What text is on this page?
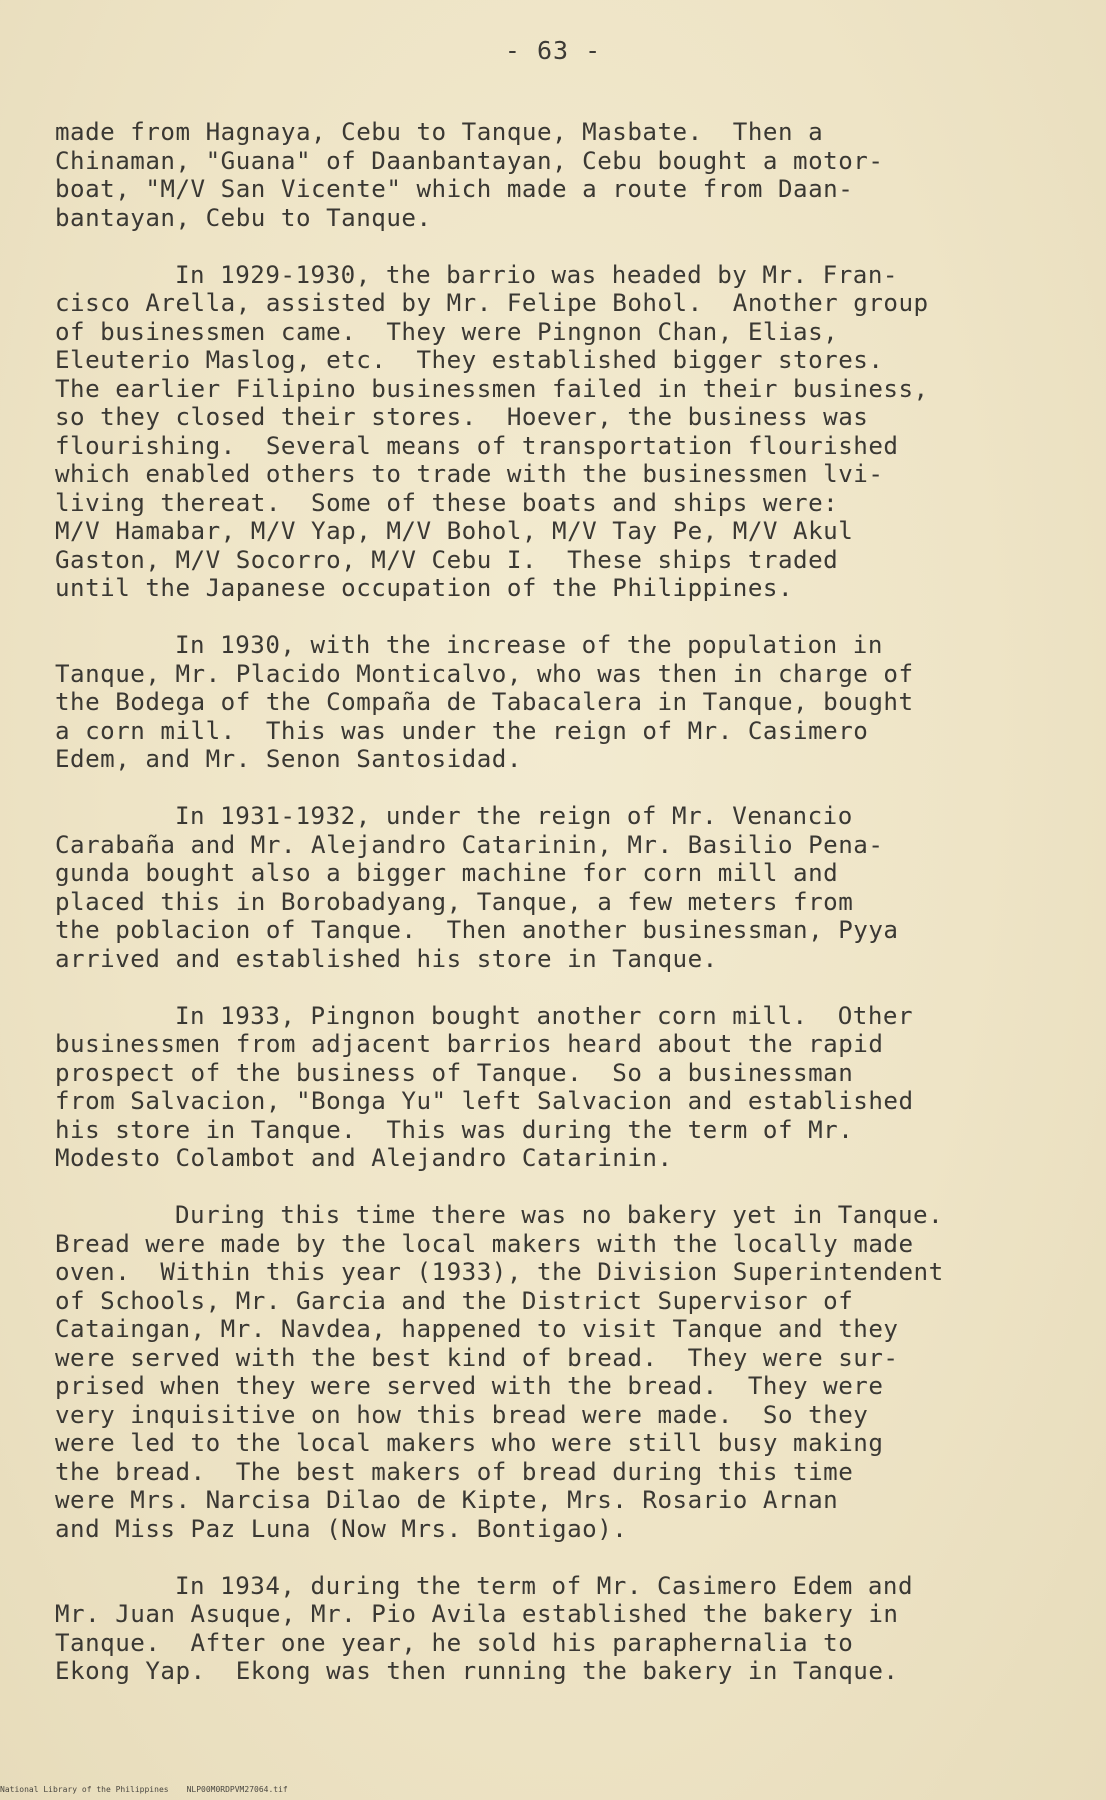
- 63 -
made from Hagnaya, Cebu to Tanque, Masbate.  Then a
Chinaman, "Guana" of Daanbantayan, Cebu bought a motor-
boat, "M/V San Vicente" which made a route from Daan-
bantayan, Cebu to Tanque.
In 1929-1930, the barrio was headed by Mr. Fran-
cisco Arella, assisted by Mr. Felipe Bohol.  Another group
of businessmen came.  They were Pingnon Chan, Elias,
Eleuterio Maslog, etc.  They established bigger stores.
The earlier Filipino businessmen failed in their business,
so they closed their stores.  Hoever, the business was
flourishing.  Several means of transportation flourished
which enabled others to trade with the businessmen lvi-
living thereat.  Some of these boats and ships were:
M/V Hamabar, M/V Yap, M/V Bohol, M/V Tay Pe, M/V Akul
Gaston, M/V Socorro, M/V Cebu I.  These ships traded
until the Japanese occupation of the Philippines.
In 1930, with the increase of the population in
Tanque, Mr. Placido Monticalvo, who was then in charge of
the Bodega of the Compaña de Tabacalera in Tanque, bought
a corn mill.  This was under the reign of Mr. Casimero
Edem, and Mr. Senon Santosidad.
In 1931-1932, under the reign of Mr. Venancio
Carabaña and Mr. Alejandro Catarinin, Mr. Basilio Pena-
gunda bought also a bigger machine for corn mill and
placed this in Borobadyang, Tanque, a few meters from
the poblacion of Tanque.  Then another businessman, Pyya
arrived and established his store in Tanque.
In 1933, Pingnon bought another corn mill.  Other
businessmen from adjacent barrios heard about the rapid
prospect of the business of Tanque.  So a businessman
from Salvacion, "Bonga Yu" left Salvacion and established
his store in Tanque.  This was during the term of Mr.
Modesto Colambot and Alejandro Catarinin.
During this time there was no bakery yet in Tanque.
Bread were made by the local makers with the locally made
oven.  Within this year (1933), the Division Superintendent
of Schools, Mr. Garcia and the District Supervisor of
Cataingan, Mr. Navdea, happened to visit Tanque and they
were served with the best kind of bread.  They were sur-
prised when they were served with the bread.  They were
very inquisitive on how this bread were made.  So they
were led to the local makers who were still busy making
the bread.  The best makers of bread during this time
were Mrs. Narcisa Dilao de Kipte, Mrs. Rosario Arnan
and Miss Paz Luna (Now Mrs. Bontigao).
In 1934, during the term of Mr. Casimero Edem and
Mr. Juan Asuque, Mr. Pio Avila established the bakery in
Tanque.  After one year, he sold his paraphernalia to
Ekong Yap.  Ekong was then running the bakery in Tanque.
National Library of the Philippines NLP00M0RDPVM27064.tif
